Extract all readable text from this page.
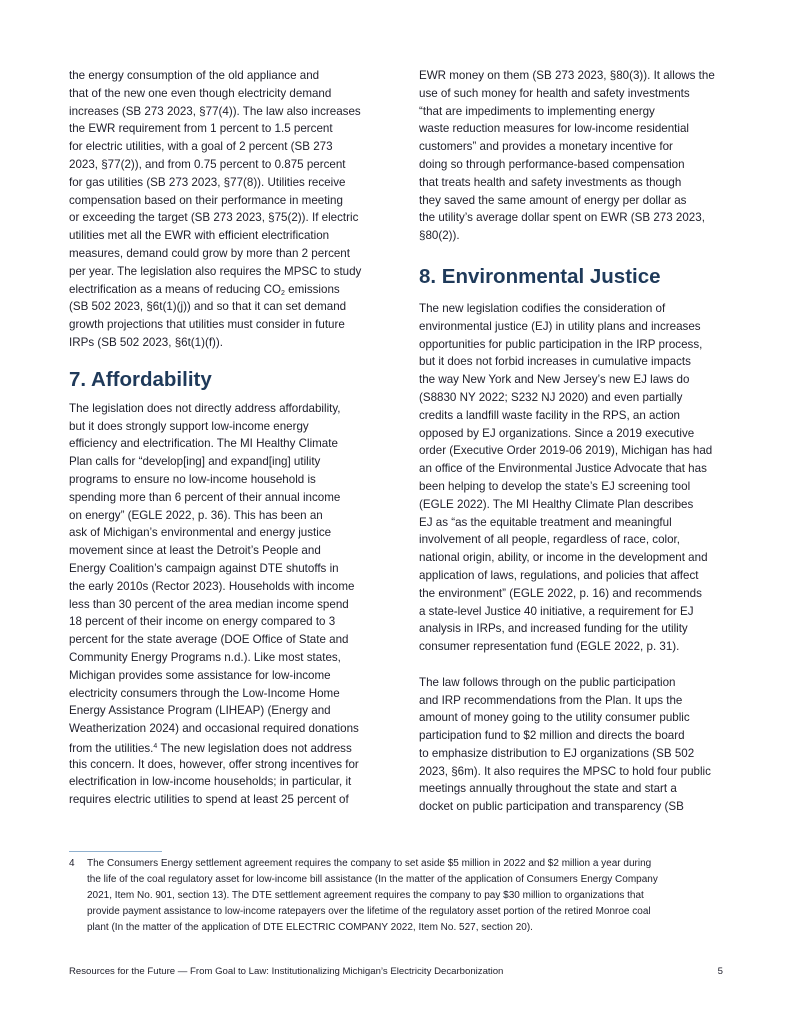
the energy consumption of the old appliance and
that of the new one even though electricity demand
increases (SB 273 2023, §77(4)). The law also increases
the EWR requirement from 1 percent to 1.5 percent
for electric utilities, with a goal of 2 percent (SB 273
2023, §77(2)), and from 0.75 percent to 0.875 percent
for gas utilities (SB 273 2023, §77(8)). Utilities receive
compensation based on their performance in meeting
or exceeding the target (SB 273 2023, §75(2)). If electric
utilities met all the EWR with efficient electrification
measures, demand could grow by more than 2 percent
per year. The legislation also requires the MPSC to study
electrification as a means of reducing $CO_2$ emissions
(SB 502 2023, §6t(1)(j)) and so that it can set demand
growth projections that utilities must consider in future
IRPs (SB 502 2023, §6t(1)(f)).
7. Affordability
The legislation does not directly address affordability,
but it does strongly support low-income energy
efficiency and electrification. The MI Healthy Climate
Plan calls for “develop[ing] and expand[ing] utility
programs to ensure no low-income household is
spending more than 6 percent of their annual income
on energy” (EGLE 2022, p. 36). This has been an
ask of Michigan’s environmental and energy justice
movement since at least the Detroit’s People and
Energy Coalition’s campaign against DTE shutoffs in
the early 2010s (Rector 2023). Households with income
less than 30 percent of the area median income spend
18 percent of their income on energy compared to 3
percent for the state average (DOE Office of State and
Community Energy Programs n.d.). Like most states,
Michigan provides some assistance for low-income
electricity consumers through the Low-Income Home
Energy Assistance Program (LIHEAP) (Energy and
Weatherization 2024) and occasional required donations
from the utilities.$^4$ The new legislation does not address
this concern. It does, however, offer strong incentives for
electrification in low-income households; in particular, it
requires electric utilities to spend at least 25 percent of
EWR money on them (SB 273 2023, §80(3)). It allows the
use of such money for health and safety investments
“that are impediments to implementing energy
waste reduction measures for low-income residential
customers” and provides a monetary incentive for
doing so through performance-based compensation
that treats health and safety investments as though
they saved the same amount of energy per dollar as
the utility’s average dollar spent on EWR (SB 273 2023,
§80(2)).
8. Environmental Justice
The new legislation codifies the consideration of
environmental justice (EJ) in utility plans and increases
opportunities for public participation in the IRP process,
but it does not forbid increases in cumulative impacts
the way New York and New Jersey’s new EJ laws do
(S8830 NY 2022; S232 NJ 2020) and even partially
credits a landfill waste facility in the RPS, an action
opposed by EJ organizations. Since a 2019 executive
order (Executive Order 2019-06 2019), Michigan has had
an office of the Environmental Justice Advocate that has
been helping to develop the state’s EJ screening tool
(EGLE 2022). The MI Healthy Climate Plan describes
EJ as “as the equitable treatment and meaningful
involvement of all people, regardless of race, color,
national origin, ability, or income in the development and
application of laws, regulations, and policies that affect
the environment” (EGLE 2022, p. 16) and recommends
a state-level Justice 40 initiative, a requirement for EJ
analysis in IRPs, and increased funding for the utility
consumer representation fund (EGLE 2022, p. 31).
The law follows through on the public participation
and IRP recommendations from the Plan. It ups the
amount of money going to the utility consumer public
participation fund to $2 million and directs the board
to emphasize distribution to EJ organizations (SB 502
2023, §6m). It also requires the MPSC to hold four public
meetings annually throughout the state and start a
docket on public participation and transparency (SB
4 The Consumers Energy settlement agreement requires the company to set aside $5 million in 2022 and $2 million a year during
the life of the coal regulatory asset for low-income bill assistance (In the matter of the application of Consumers Energy Company
2021, Item No. 901, section 13). The DTE settlement agreement requires the company to pay $30 million to organizations that
provide payment assistance to low-income ratepayers over the lifetime of the regulatory asset portion of the retired Monroe coal
plant (In the matter of the application of DTE ELECTRIC COMPANY 2022, Item No. 527, section 20).
Resources for the Future — From Goal to Law: Institutionalizing Michigan’s Electricity Decarbonization	5
